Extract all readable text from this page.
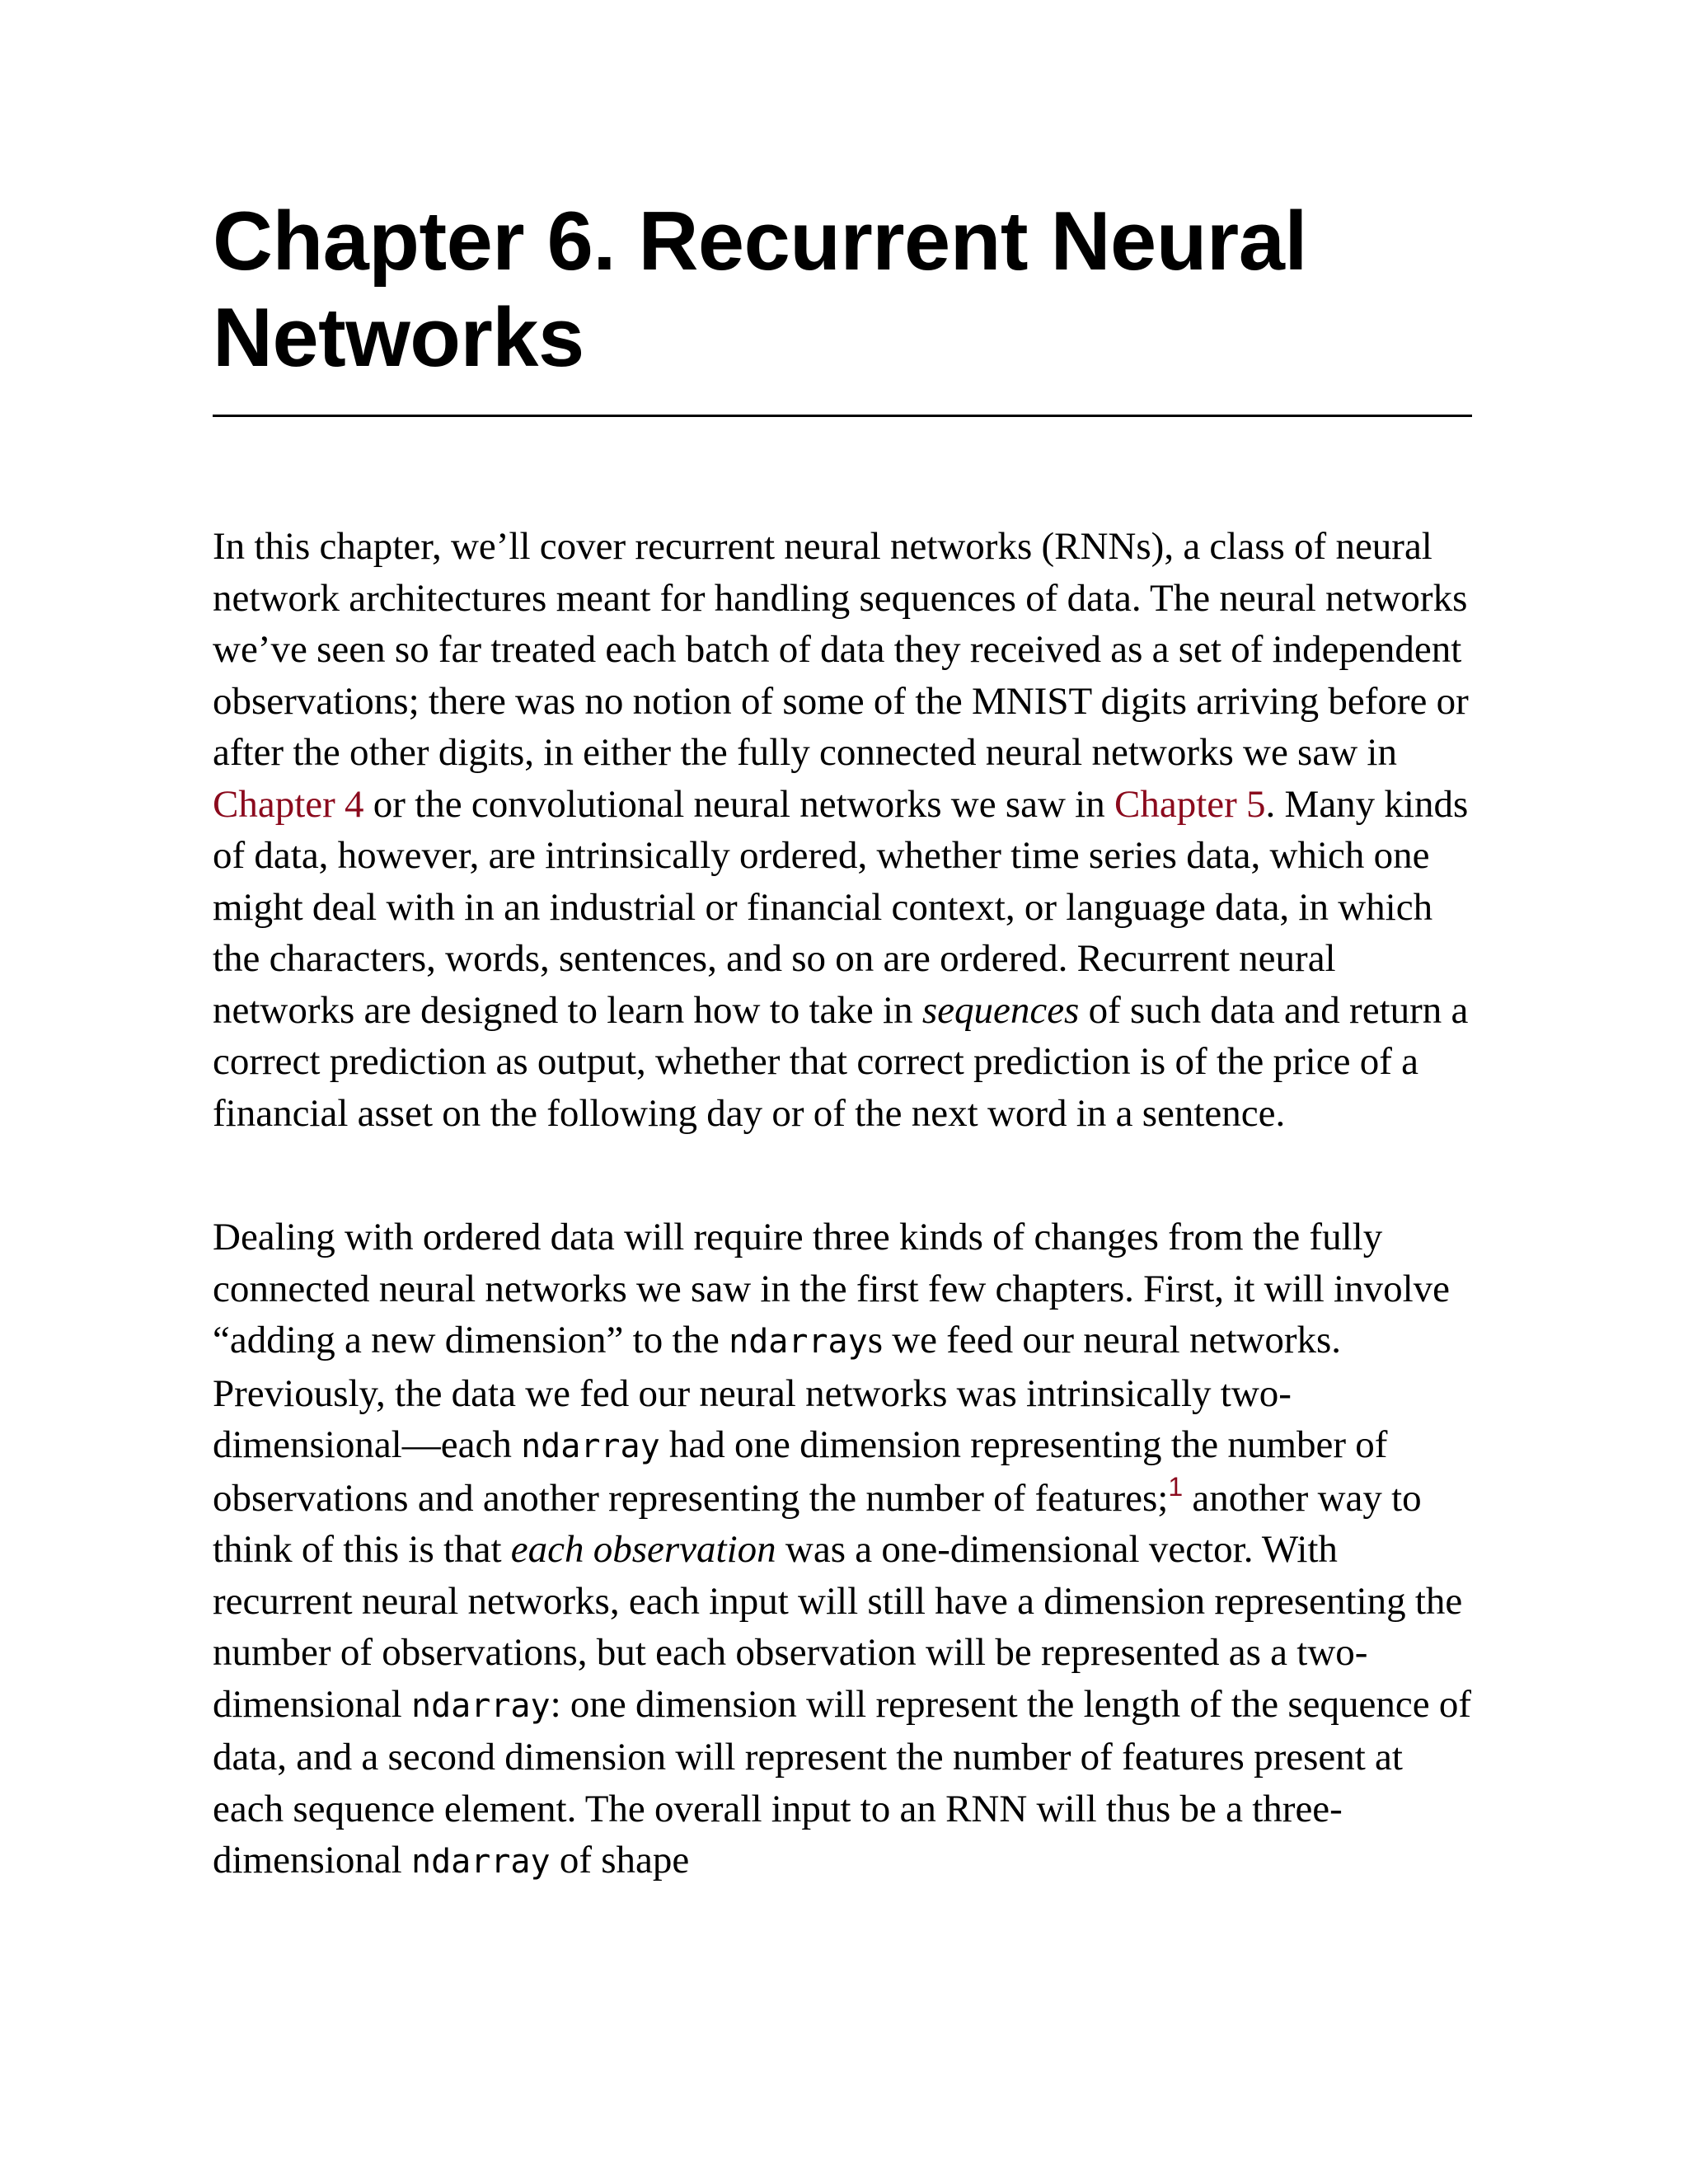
Chapter 6. Recurrent Neural Networks

In this chapter, we’ll cover recurrent neural networks (RNNs), a class of neural network architectures meant for handling sequences of data. The neural networks we’ve seen so far treated each batch of data they received as a set of independent observations; there was no notion of some of the MNIST digits arriving before or after the other digits, in either the fully connected neural networks we saw in Chapter 4 or the convolutional neural networks we saw in Chapter 5. Many kinds of data, however, are intrinsically ordered, whether time series data, which one might deal with in an industrial or financial context, or language data, in which the characters, words, sentences, and so on are ordered. Recurrent neural networks are designed to learn how to take in sequences of such data and return a correct prediction as output, whether that correct prediction is of the price of a financial asset on the following day or of the next word in a sentence.

Dealing with ordered data will require three kinds of changes from the fully connected neural networks we saw in the first few chapters. First, it will involve “adding a new dimension” to the ndarrays we feed our neural networks. Previously, the data we fed our neural networks was intrinsically two-dimensional—each ndarray had one dimension representing the number of observations and another representing the number of features;$^1$ another way to think of this is that each observation was a one-dimensional vector. With recurrent neural networks, each input will still have a dimension representing the number of observations, but each observation will be represented as a two-dimensional ndarray: one dimension will represent the length of the sequence of data, and a second dimension will represent the number of features present at each sequence element. The overall input to an RNN will thus be a three-dimensional ndarray of shape
